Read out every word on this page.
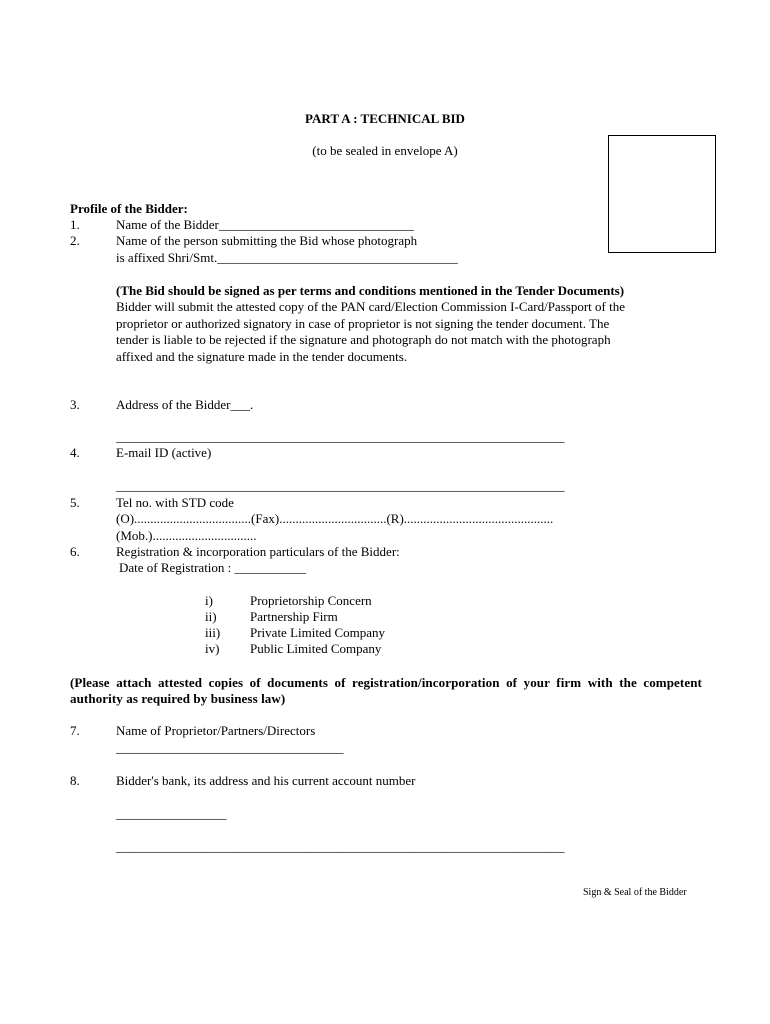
PART A : TECHNICAL BID
(to be sealed in envelope A)
Profile of the Bidder:
1.	Name of the Bidder______________________________
2.	Name of the person submitting the Bid whose photograph
is affixed Shri/Smt._____________________________________
(The Bid should be signed as per terms and conditions mentioned in the Tender Documents) Bidder will submit the attested copy of the PAN card/Election Commission I-Card/Passport of the proprietor or authorized signatory in case of proprietor is not signing the tender document. The tender is liable to be rejected if the signature and photograph do not match with the photograph affixed and the signature made in the tender documents.
3.	Address of the Bidder___.
_____________________________________________________________________
4.	E-mail ID (active)
_____________________________________________________________________
5.	Tel no. with STD code
(O)....................................(Fax).................................(R)..............................................
(Mob.)................................
6.	Registration & incorporation particulars of the Bidder:
Date of Registration : ___________
i)	Proprietorship Concern
ii)	Partnership Firm
iii) Private Limited Company
iv) Public Limited Company
(Please attach attested copies of documents of registration/incorporation of your firm with the competent authority as required by business law)
7.	Name of Proprietor/Partners/Directors
___________________________________
8.	Bidder's bank, its address and his current account number
_________________
_____________________________________________________________________
Sign & Seal of the Bidder
